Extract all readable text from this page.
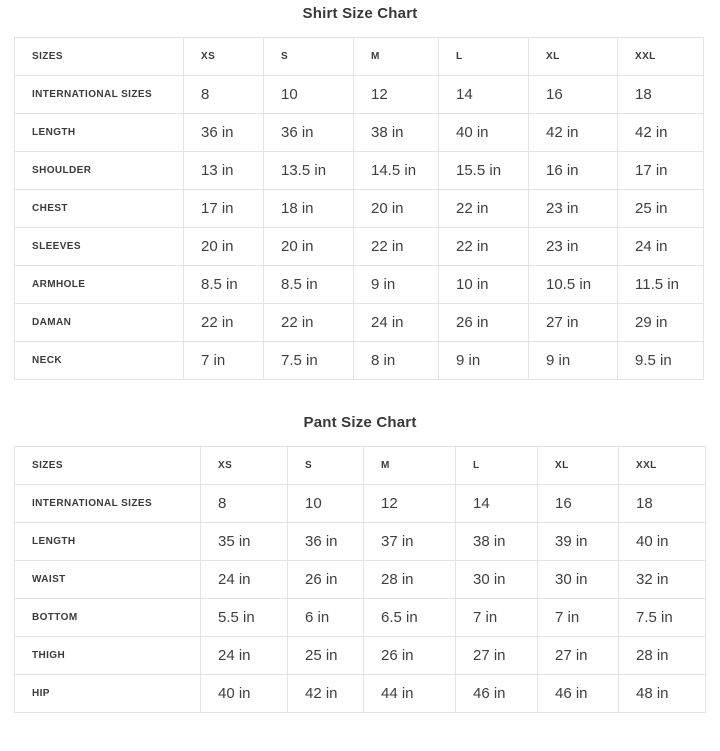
Shirt Size Chart
SIZES	XS	S	M	L	XL	XXL
INTERNATIONAL SIZES	8	10	12	14	16	18
LENGTH	36 in	36 in	38 in	40 in	42 in	42 in
SHOULDER	13 in	13.5 in	14.5 in	15.5 in	16 in	17 in
CHEST	17 in	18 in	20 in	22 in	23 in	25 in
SLEEVES	20 in	20 in	22 in	22 in	23 in	24 in
ARMHOLE	8.5 in	8.5 in	9 in	10 in	10.5 in	11.5 in
DAMAN	22 in	22 in	24 in	26 in	27 in	29 in
NECK	7 in	7.5 in	8 in	9 in	9 in	9.5 in
Pant Size Chart
SIZES	XS	S	M	L	XL	XXL
INTERNATIONAL SIZES	8	10	12	14	16	18
LENGTH	35 in	36 in	37 in	38 in	39 in	40 in
WAIST	24 in	26 in	28 in	30 in	30 in	32 in
BOTTOM	5.5 in	6 in	6.5 in	7 in	7 in	7.5 in
THIGH	24 in	25 in	26 in	27 in	27 in	28 in
HIP	40 in	42 in	44 in	46 in	46 in	48 in
